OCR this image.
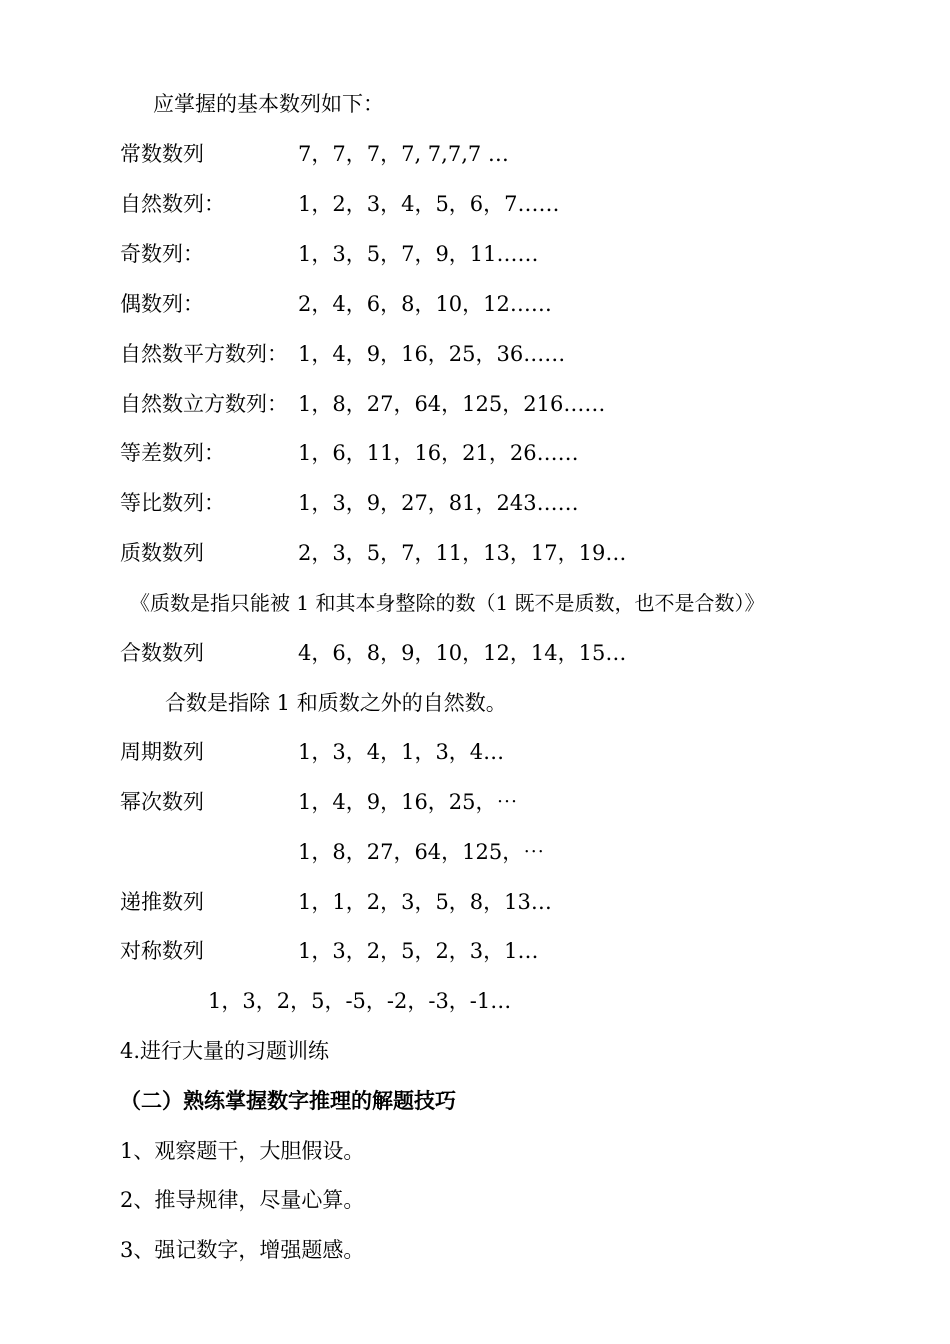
应掌握的基本数列如下：
常数数列	7，7，7，7, 7,7,7 …
自然数列：	1，2，3，4，5，6，7……
奇数列：	1，3，5，7，9，11……
偶数列：	2，4，6，8，10，12……
自然数平方数列： 1，4，9，16，25，36……
自然数立方数列： 1，8，27，64，125，216……
等差数列：	1，6，11，16，21，26……
等比数列：	1，3，9，27，81，243……
质数数列	2，3，5，7，11，13，17，19…
《质数是指只能被 1 和其本身整除的数（1 既不是质数，也不是合数）》
合数数列	4，6，8，9，10，12，14，15…
合数是指除 1 和质数之外的自然数。
周期数列	1，3，4，1，3，4…
幂次数列	1，4，9，16，25，⋯
1，8，27，64，125，⋯
递推数列	1，1，2，3，5，8，13…
对称数列	1，3，2，5，2，3，1…
1，3，2，5，-5，-2，-3，-1…
4.进行大量的习题训练
（二）熟练掌握数字推理的解题技巧
1、观察题干，大胆假设。
2、推导规律，尽量心算。
3、强记数字，增强题感。
